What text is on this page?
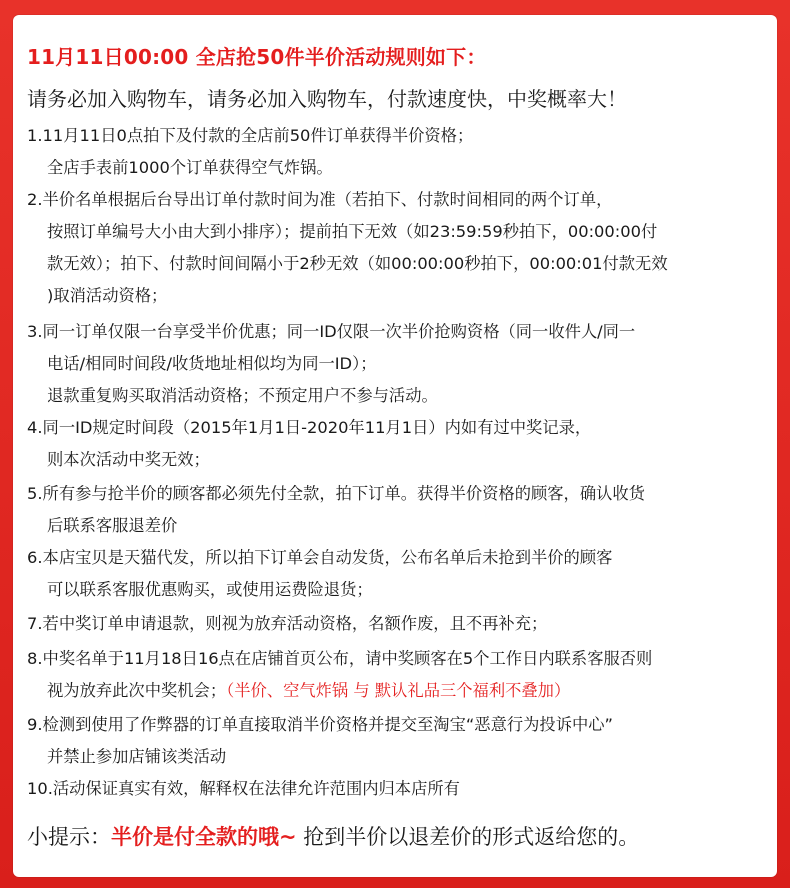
11月11日00:00 全店抢50件半价活动规则如下：
请务必加入购物车，请务必加入购物车，付款速度快，中奖概率大！
1.11月11日0点拍下及付款的全店前50件订单获得半价资格；
全店手表前1000个订单获得空气炸锅。
2.半价名单根据后台导出订单付款时间为准（若拍下、付款时间相同的两个订单，
按照订单编号大小由大到小排序）；提前拍下无效（如23:59:59秒拍下，00:00:00付
款无效）；拍下、付款时间间隔小于2秒无效（如00:00:00秒拍下，00:00:01付款无效
)取消活动资格；
3.同一订单仅限一台享受半价优惠；同一ID仅限一次半价抢购资格（同一收件人/同一
电话/相同时间段/收货地址相似均为同一ID）；
退款重复购买取消活动资格；不预定用户不参与活动。
4.同一ID规定时间段（2015年1月1日-2020年11月1日）内如有过中奖记录，
则本次活动中奖无效；
5.所有参与抢半价的顾客都必须先付全款，拍下订单。获得半价资格的顾客，确认收货
后联系客服退差价
6.本店宝贝是天猫代发，所以拍下订单会自动发货，公布名单后未抢到半价的顾客
可以联系客服优惠购买，或使用运费险退货；
7.若中奖订单申请退款，则视为放弃活动资格，名额作废，且不再补充；
8.中奖名单于11月18日16点在店铺首页公布，请中奖顾客在5个工作日内联系客服否则
视为放弃此次中奖机会；（半价、空气炸锅 与 默认礼品三个福利不叠加）
9.检测到使用了作弊器的订单直接取消半价资格并提交至淘宝“恶意行为投诉中心”
并禁止参加店铺该类活动
10.活动保证真实有效，解释权在法律允许范围内归本店所有
小提示：半价是付全款的哦~ 抢到半价以退差价的形式返给您的。
